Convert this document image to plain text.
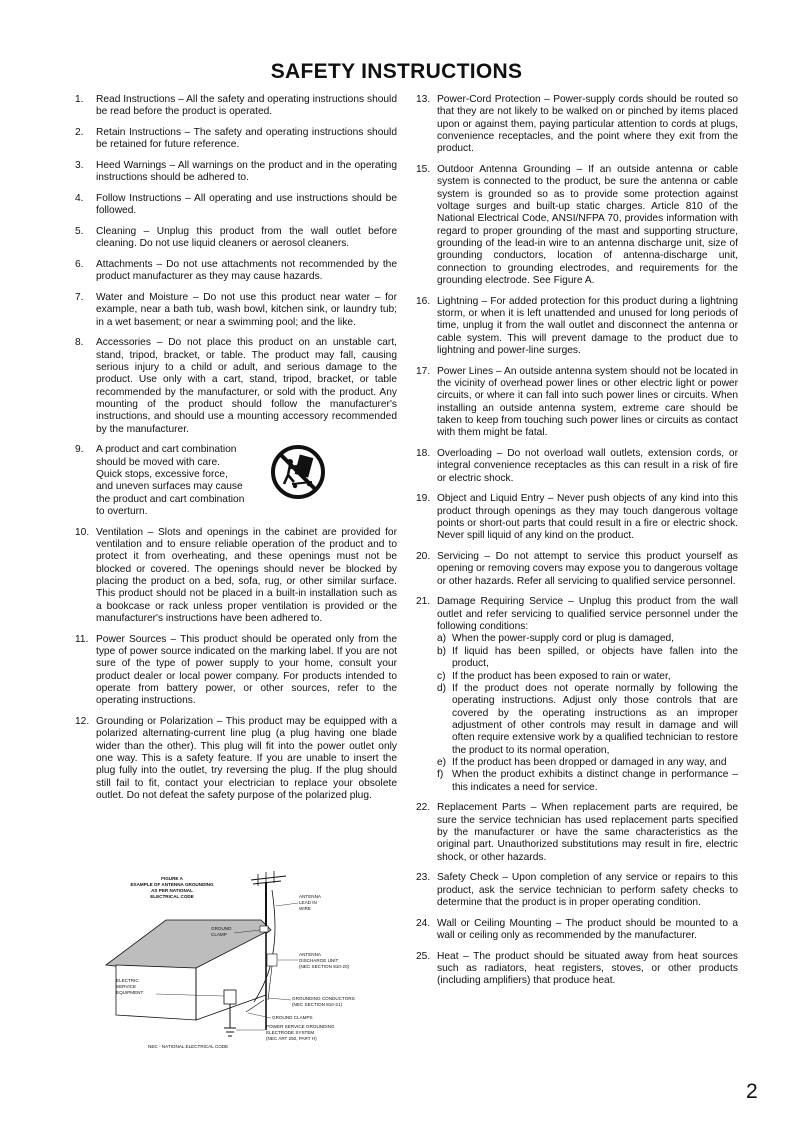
SAFETY INSTRUCTIONS
1. Read Instructions – All the safety and operating instructions should be read before the product is operated.
2. Retain Instructions – The safety and operating instructions should be retained for future reference.
3. Heed Warnings – All warnings on the product and in the operating instructions should be adhered to.
4. Follow Instructions – All operating and use instructions should be followed.
5. Cleaning – Unplug this product from the wall outlet before cleaning. Do not use liquid cleaners or aerosol cleaners.
6. Attachments – Do not use attachments not recommended by the product manufacturer as they may cause hazards.
7. Water and Moisture – Do not use this product near water – for example, near a bath tub, wash bowl, kitchen sink, or laundry tub; in a wet basement; or near a swimming pool; and the like.
8. Accessories – Do not place this product on an unstable cart, stand, tripod, bracket, or table. The product may fall, causing serious injury to a child or adult, and serious damage to the product. Use only with a cart, stand, tripod, bracket, or table recommended by the manufacturer, or sold with the product. Any mounting of the product should follow the manufacturer's instructions, and should use a mounting accessory recommended by the manufacturer.
9. A product and cart combination should be moved with care. Quick stops, excessive force, and uneven surfaces may cause the product and cart combination to overturn.
10. Ventilation – Slots and openings in the cabinet are provided for ventilation and to ensure reliable operation of the product and to protect it from overheating, and these openings must not be blocked or covered. The openings should never be blocked by placing the product on a bed, sofa, rug, or other similar surface. This product should not be placed in a built-in installation such as a bookcase or rack unless proper ventilation is provided or the manufacturer's instructions have been adhered to.
11. Power Sources – This product should be operated only from the type of power source indicated on the marking label. If you are not sure of the type of power supply to your home, consult your product dealer or local power company. For products intended to operate from battery power, or other sources, refer to the operating instructions.
12. Grounding or Polarization – This product may be equipped with a polarized alternating-current line plug (a plug having one blade wider than the other). This plug will fit into the power outlet only one way. This is a safety feature. If you are unable to insert the plug fully into the outlet, try reversing the plug. If the plug should still fail to fit, contact your electrician to replace your obsolete outlet. Do not defeat the safety purpose of the polarized plug.
13. Power-Cord Protection – Power-supply cords should be routed so that they are not likely to be walked on or pinched by items placed upon or against them, paying particular attention to cords at plugs, convenience receptacles, and the point where they exit from the product.
15. Outdoor Antenna Grounding – If an outside antenna or cable system is connected to the product, be sure the antenna or cable system is grounded so as to provide some protection against voltage surges and built-up static charges. Article 810 of the National Electrical Code, ANSI/NFPA 70, provides information with regard to proper grounding of the mast and supporting structure, grounding of the lead-in wire to an antenna discharge unit, size of grounding conductors, location of antenna-discharge unit, connection to grounding electrodes, and requirements for the grounding electrode. See Figure A.
16. Lightning – For added protection for this product during a lightning storm, or when it is left unattended and unused for long periods of time, unplug it from the wall outlet and disconnect the antenna or cable system. This will prevent damage to the product due to lightning and power-line surges.
17. Power Lines – An outside antenna system should not be located in the vicinity of overhead power lines or other electric light or power circuits, or where it can fall into such power lines or circuits. When installing an outside antenna system, extreme care should be taken to keep from touching such power lines or circuits as contact with them might be fatal.
18. Overloading – Do not overload wall outlets, extension cords, or integral convenience receptacles as this can result in a risk of fire or electric shock.
19. Object and Liquid Entry – Never push objects of any kind into this product through openings as they may touch dangerous voltage points or short-out parts that could result in a fire or electric shock. Never spill liquid of any kind on the product.
20. Servicing – Do not attempt to service this product yourself as opening or removing covers may expose you to dangerous voltage or other hazards. Refer all servicing to qualified service personnel.
21. Damage Requiring Service – Unplug this product from the wall outlet and refer servicing to qualified service personnel under the following conditions:
a) When the power-supply cord or plug is damaged,
b) If liquid has been spilled, or objects have fallen into the product,
c) If the product has been exposed to rain or water,
d) If the product does not operate normally by following the operating instructions. Adjust only those controls that are covered by the operating instructions as an improper adjustment of other controls may result in damage and will often require extensive work by a qualified technician to restore the product to its normal operation,
e) If the product has been dropped or damaged in any way, and
f) When the product exhibits a distinct change in performance – this indicates a need for service.
22. Replacement Parts – When replacement parts are required, be sure the service technician has used replacement parts specified by the manufacturer or have the same characteristics as the original part. Unauthorized substitutions may result in fire, electric shock, or other hazards.
23. Safety Check – Upon completion of any service or repairs to this product, ask the service technician to perform safety checks to determine that the product is in proper operating condition.
24. Wall or Ceiling Mounting – The product should be mounted to a wall or ceiling only as recommended by the manufacturer.
25. Heat – The product should be situated away from heat sources such as radiators, heat registers, stoves, or other products (including amplifiers) that produce heat.
FIGURE A
EXAMPLE OF ANTENNA GROUNDING
AS PER NATIONAL
ELECTRICAL CODE	ANTENNA
LEAD IN
WIRE
GROUND
CLAMP
ANTENNA
DISCHARGE UNIT
(NEC SECTION 810-20)
ELECTRIC
SERVICE
EQUIPMENT
GROUNDING CONDUCTORS
(NEC SECTION 810-21)
GROUND CLAMPS
POWER SERVICE GROUNDING
ELECTRODE SYSTEM
(NEC ART 250, PART H)
NEC - NATIONAL ELECTRICAL CODE
2
